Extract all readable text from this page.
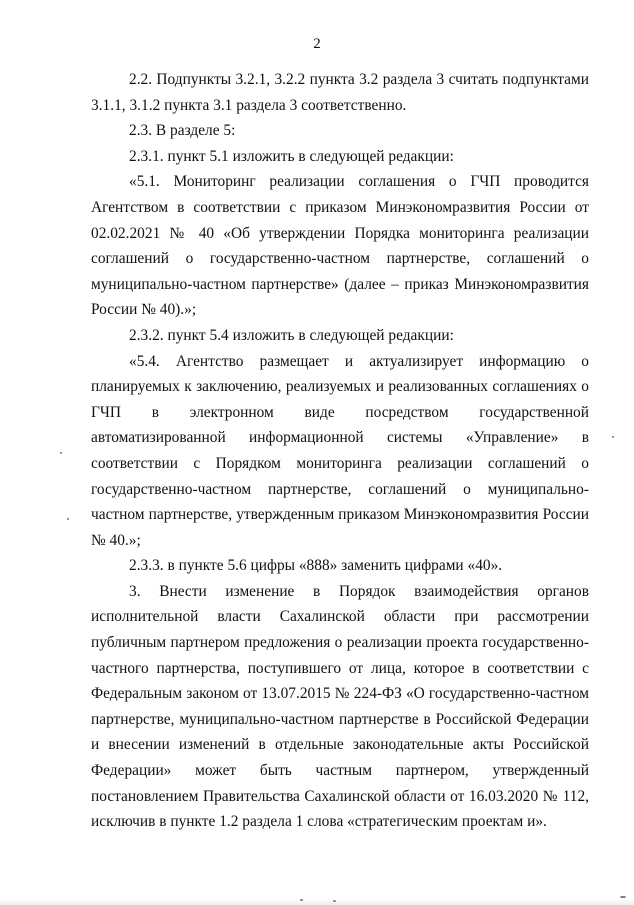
2

2.2. Подпункты 3.2.1, 3.2.2 пункта 3.2 раздела 3 считать подпунктами 3.1.1, 3.1.2 пункта 3.1 раздела 3 соответственно.

2.3. В разделе 5:

2.3.1. пункт 5.1 изложить в следующей редакции:

«5.1. Мониторинг реализации соглашения о ГЧП проводится Агентством в соответствии с приказом Минэкономразвития России от 02.02.2021 № 40 «Об утверждении Порядка мониторинга реализации соглашений о государственно-частном партнерстве, соглашений о муниципально-частном партнерстве» (далее – приказ Минэкономразвития России № 40).»;

2.3.2. пункт 5.4 изложить в следующей редакции:

«5.4. Агентство размещает и актуализирует информацию о планируемых к заключению, реализуемых и реализованных соглашениях о ГЧП в электронном виде посредством государственной автоматизированной информационной системы «Управление» в соответствии с Порядком мониторинга реализации соглашений о государственно-частном партнерстве, соглашений о муниципально-частном партнерстве, утвержденным приказом Минэкономразвития России № 40.»;

2.3.3. в пункте 5.6 цифры «888» заменить цифрами «40».

3. Внести изменение в Порядок взаимодействия органов исполнительной власти Сахалинской области при рассмотрении публичным партнером предложения о реализации проекта государственно-частного партнерства, поступившего от лица, которое в соответствии с Федеральным законом от 13.07.2015 № 224-ФЗ «О государственно-частном партнерстве, муниципально-частном партнерстве в Российской Федерации и внесении изменений в отдельные законодательные акты Российской Федерации» может быть частным партнером, утвержденный постановлением Правительства Сахалинской области от 16.03.2020 № 112, исключив в пункте 1.2 раздела 1 слова «стратегическим проектам и».
